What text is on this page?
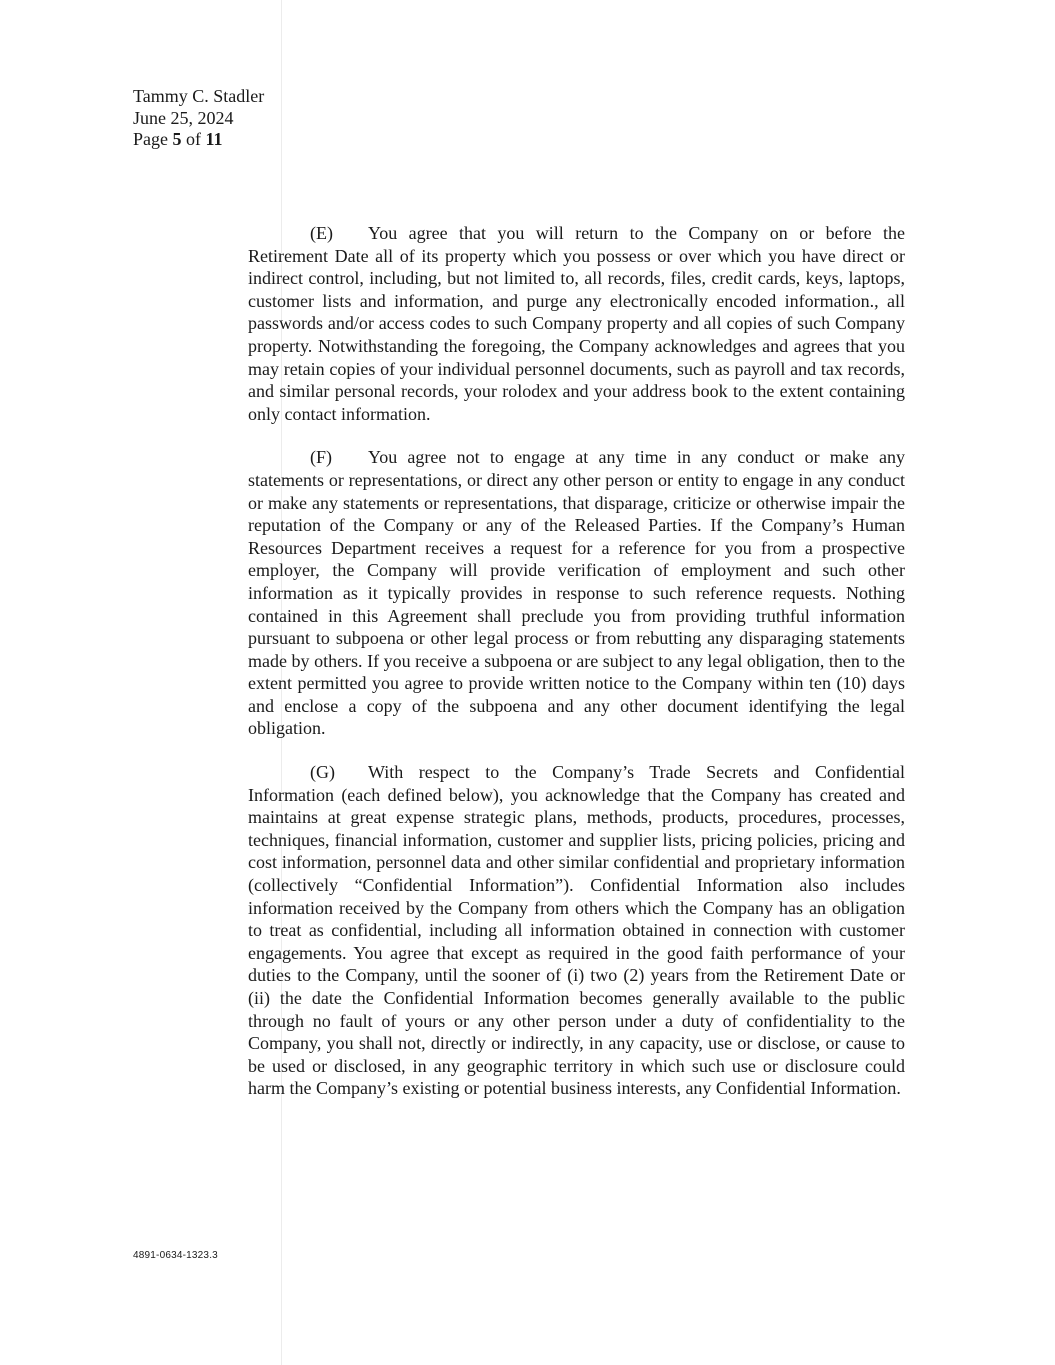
Tammy C. Stadler
June 25, 2024
Page 5 of 11

(E) You agree that you will return to the Company on or before the Retirement Date all of its property which you possess or over which you have direct or indirect control, including, but not limited to, all records, files, credit cards, keys, laptops, customer lists and information, and purge any electronically encoded information., all passwords and/or access codes to such Company property and all copies of such Company property. Notwithstanding the foregoing, the Company acknowledges and agrees that you may retain copies of your individual personnel documents, such as payroll and tax records, and similar personal records, your rolodex and your address book to the extent containing only contact information.

(F) You agree not to engage at any time in any conduct or make any statements or representations, or direct any other person or entity to engage in any conduct or make any statements or representations, that disparage, criticize or otherwise impair the reputation of the Company or any of the Released Parties. If the Company’s Human Resources Department receives a request for a reference for you from a prospective employer, the Company will provide verification of employment and such other information as it typically provides in response to such reference requests. Nothing contained in this Agreement shall preclude you from providing truthful information pursuant to subpoena or other legal process or from rebutting any disparaging statements made by others. If you receive a subpoena or are subject to any legal obligation, then to the extent permitted you agree to provide written notice to the Company within ten (10) days and enclose a copy of the subpoena and any other document identifying the legal obligation.

(G) With respect to the Company’s Trade Secrets and Confidential Information (each defined below), you acknowledge that the Company has created and maintains at great expense strategic plans, methods, products, procedures, processes, techniques, financial information, customer and supplier lists, pricing policies, pricing and cost information, personnel data and other similar confidential and proprietary information (collectively “Confidential Information”). Confidential Information also includes information received by the Company from others which the Company has an obligation to treat as confidential, including all information obtained in connection with customer engagements. You agree that except as required in the good faith performance of your duties to the Company, until the sooner of (i) two (2) years from the Retirement Date or (ii) the date the Confidential Information becomes generally available to the public through no fault of yours or any other person under a duty of confidentiality to the Company, you shall not, directly or indirectly, in any capacity, use or disclose, or cause to be used or disclosed, in any geographic territory in which such use or disclosure could harm the Company’s existing or potential business interests, any Confidential Information.

4891-0634-1323.3
